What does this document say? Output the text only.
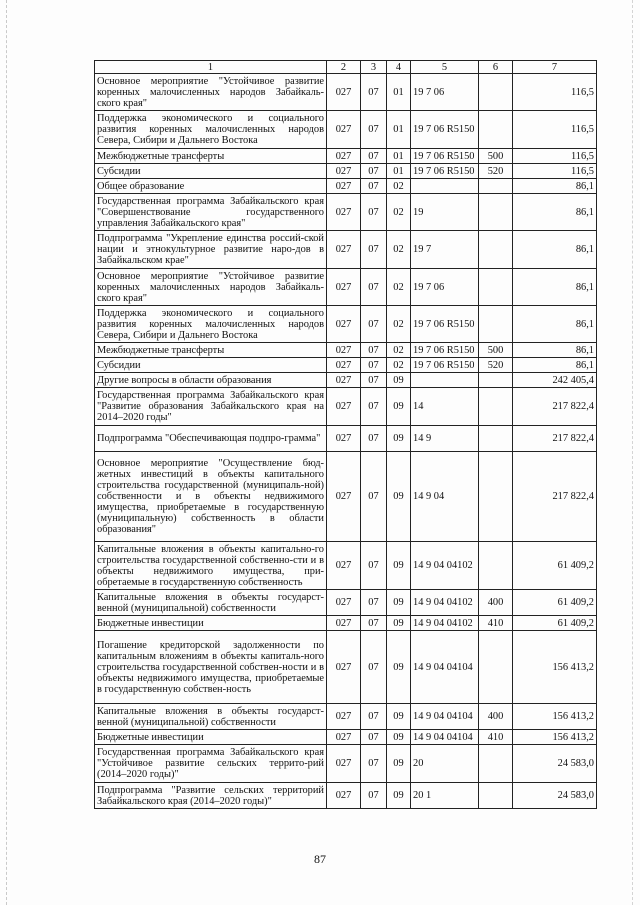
1	2	3	4	5	6	7
Основное мероприятие "Устойчивое развитие коренных малочисленных народов Забайкаль-ского края"	027	07	01	19 7 06		116,5
Поддержка экономического и социального развития коренных малочисленных народов Севера, Сибири и Дальнего Востока	027	07	01	19 7 06 R5150		116,5
Межбюджетные трансферты	027	07	01	19 7 06 R5150	500	116,5
Субсидии	027	07	01	19 7 06 R5150	520	116,5
Общее образование	027	07	02			86,1
Государственная программа Забайкальского края "Совершенствование государственного управления Забайкальского края"	027	07	02	19		86,1
Подпрограмма "Укрепление единства россий-ской нации и этнокультурное развитие наро-дов в Забайкальском крае"	027	07	02	19 7		86,1
Основное мероприятие "Устойчивое развитие коренных малочисленных народов Забайкаль-ского края"	027	07	02	19 7 06		86,1
Поддержка экономического и социального развития коренных малочисленных народов Севера, Сибири и Дальнего Востока	027	07	02	19 7 06 R5150		86,1
Межбюджетные трансферты	027	07	02	19 7 06 R5150	500	86,1
Субсидии	027	07	02	19 7 06 R5150	520	86,1
Другие вопросы в области образования	027	07	09			242 405,4
Государственная программа Забайкальского края "Развитие образования Забайкальского края на 2014–2020 годы"	027	07	09	14		217 822,4
Подпрограмма "Обеспечивающая подпро-грамма"	027	07	09	14 9		217 822,4
Основное мероприятие "Осуществление бюд-жетных инвестиций в объекты капитального строительства государственной (муниципаль-ной) собственности и в объекты недвижимого имущества, приобретаемые в государственную (муниципальную) собственность в области образования"	027	07	09	14 9 04		217 822,4
Капитальные вложения в объекты капитально-го строительства государственной собственно-сти и в объекты недвижимого имущества, при-обретаемые в государственную собственность	027	07	09	14 9 04 04102		61 409,2
Капитальные вложения в объекты государст-венной (муниципальной) собственности	027	07	09	14 9 04 04102	400	61 409,2
Бюджетные инвестиции	027	07	09	14 9 04 04102	410	61 409,2
Погашение кредиторской задолженности по капитальным вложениям в объекты капиталь-ного строительства государственной собствен-ности и в объекты недвижимого имущества, приобретаемые в государственную собствен-ность	027	07	09	14 9 04 04104		156 413,2
Капитальные вложения в объекты государст-венной (муниципальной) собственности	027	07	09	14 9 04 04104	400	156 413,2
Бюджетные инвестиции	027	07	09	14 9 04 04104	410	156 413,2
Государственная программа Забайкальского края "Устойчивое развитие сельских террито-рий (2014–2020 годы)"	027	07	09	20		24 583,0
Подпрограмма "Развитие сельских территорий Забайкальского края (2014–2020 годы)"	027	07	09	20 1		24 583,0
87
